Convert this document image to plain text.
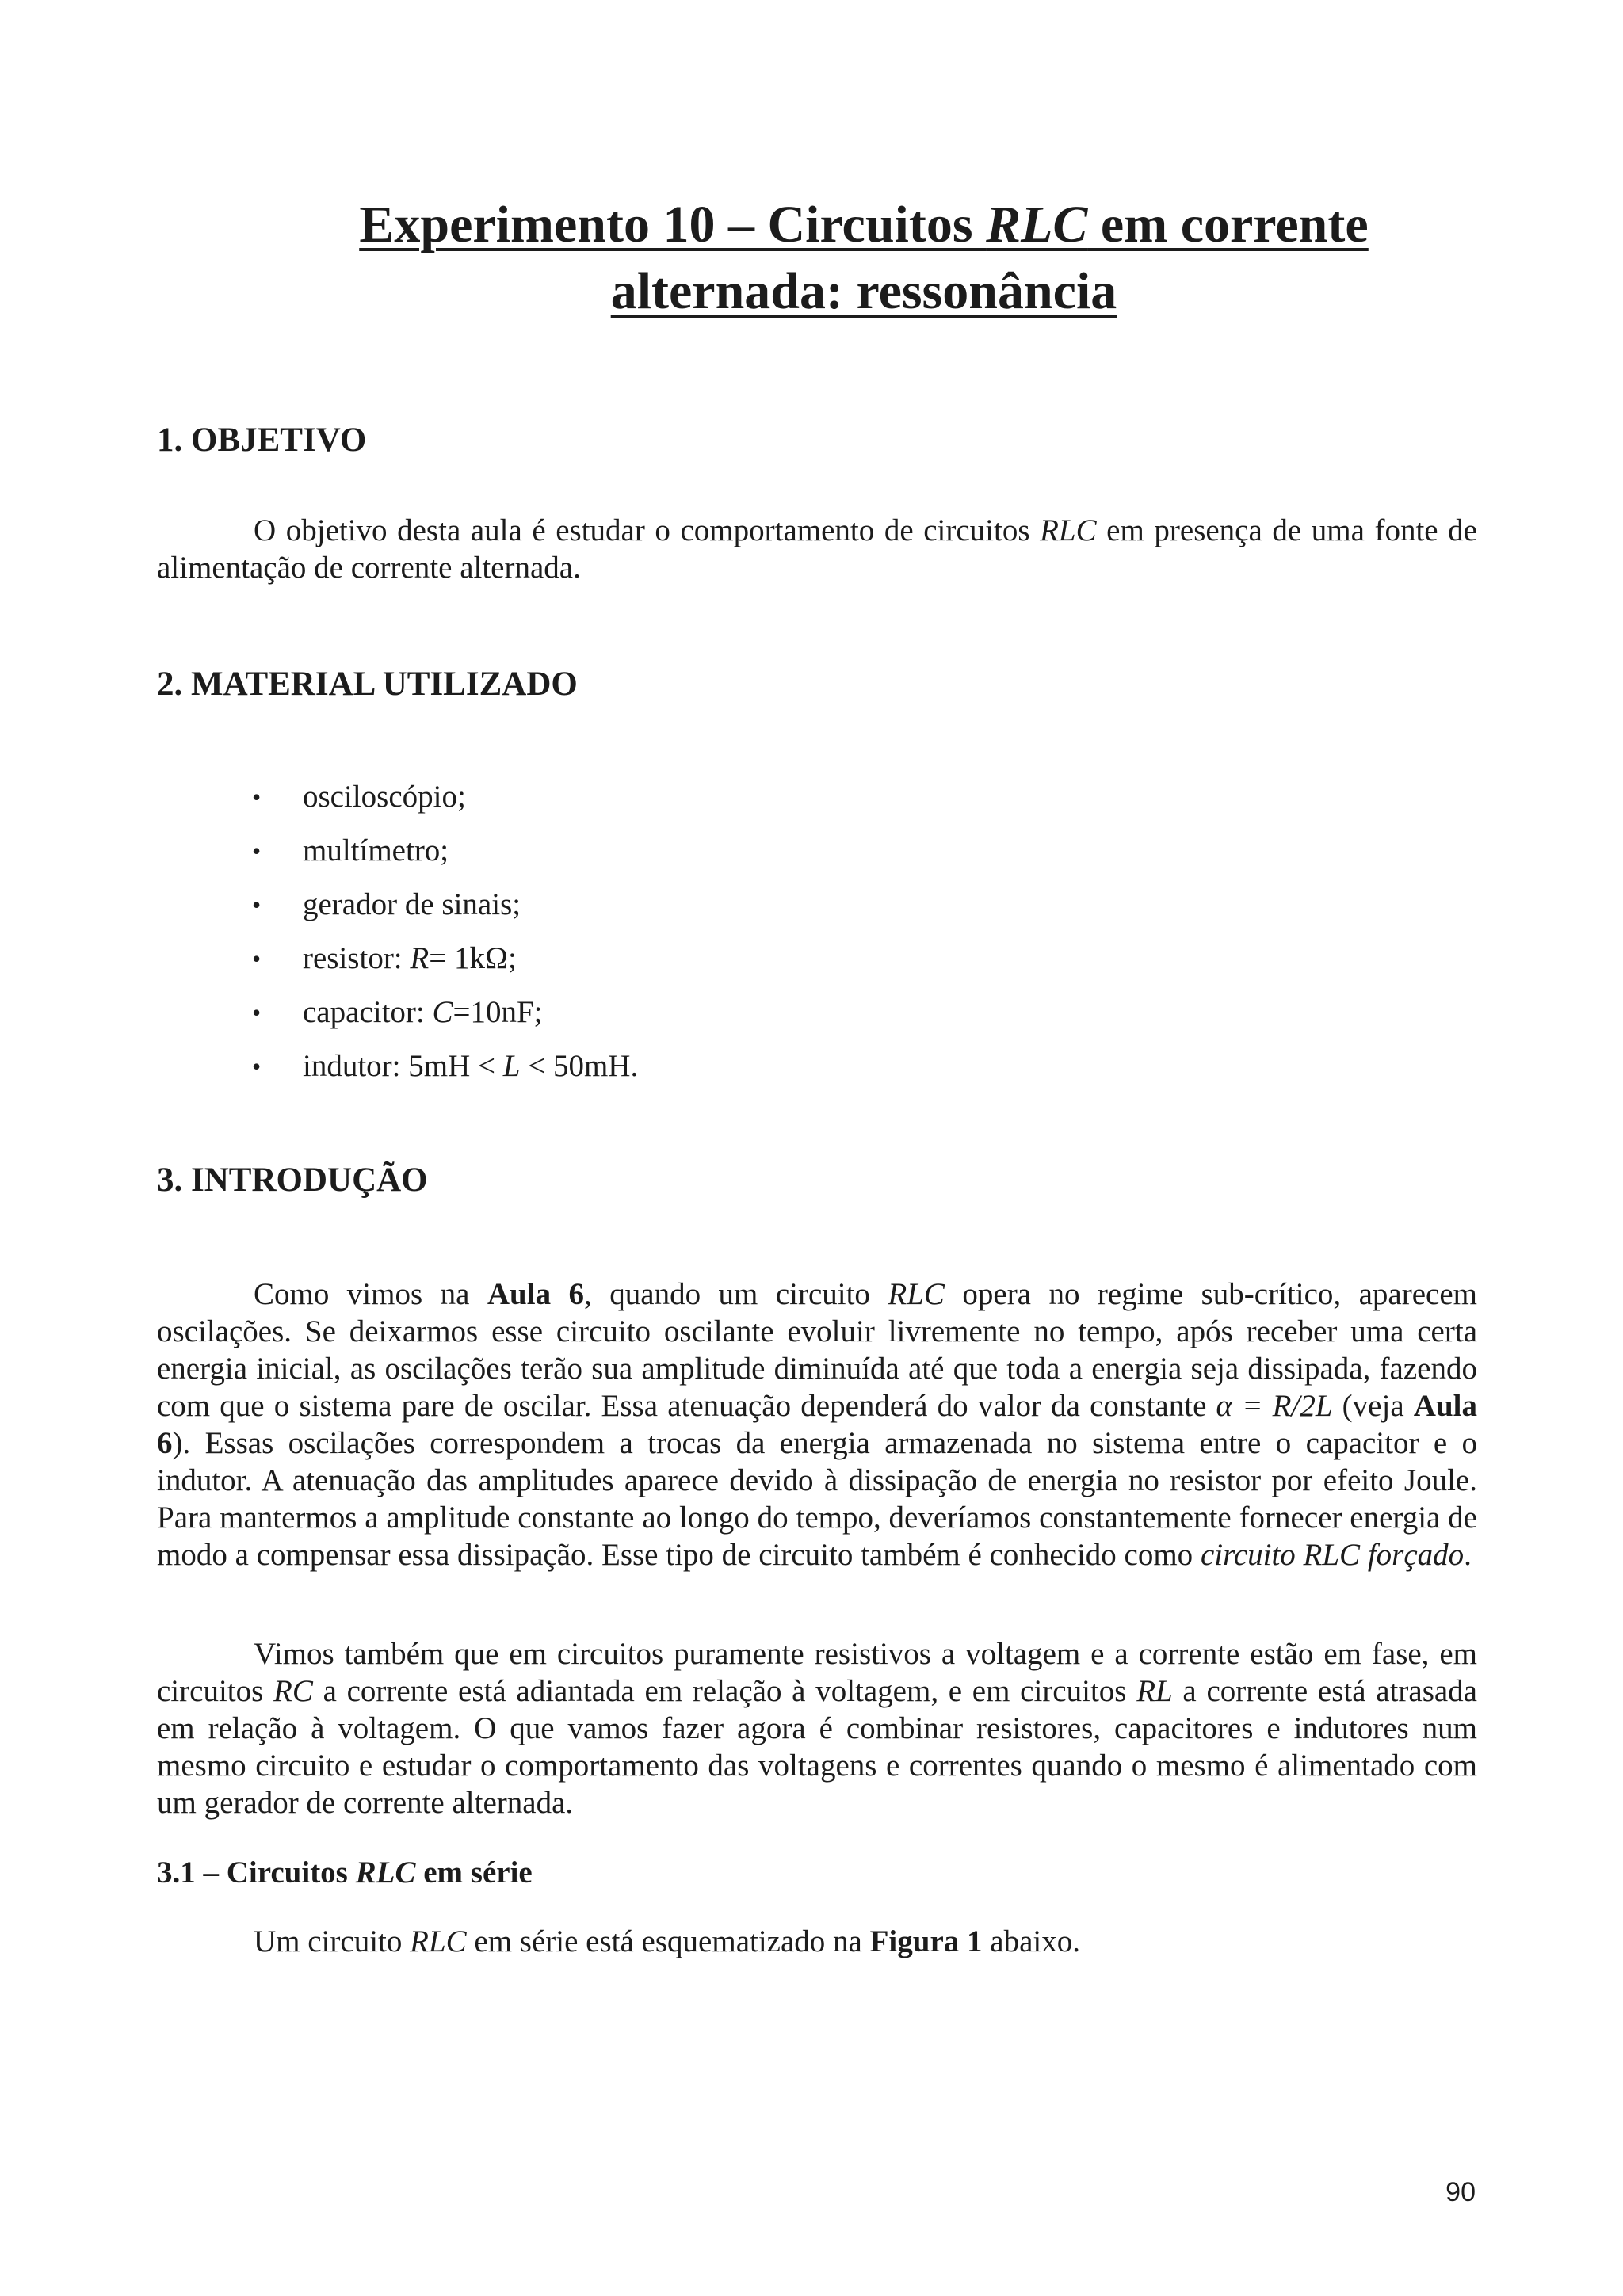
Experimento 10 – Circuitos RLC em corrente
alternada: ressonância
1. OBJETIVO

O objetivo desta aula é estudar o comportamento de circuitos RLC em presença de uma fonte de alimentação de corrente alternada.

2. MATERIAL UTILIZADO
• osciloscópio;
• multímetro;
• gerador de sinais;
• resistor: R= 1kΩ;
• capacitor: C=10nF;
• indutor: 5mH < L < 50mH.
3. INTRODUÇÃO

Como vimos na Aula 6, quando um circuito RLC opera no regime sub-crítico, aparecem oscilações. Se deixarmos esse circuito oscilante evoluir livremente no tempo, após receber uma certa energia inicial, as oscilações terão sua amplitude diminuída até que toda a energia seja dissipada, fazendo com que o sistema pare de oscilar. Essa atenuação dependerá do valor da constante α = R/2L (veja Aula 6). Essas oscilações correspondem a trocas da energia armazenada no sistema entre o capacitor e o indutor. A atenuação das amplitudes aparece devido à dissipação de energia no resistor por efeito Joule. Para mantermos a amplitude constante ao longo do tempo, deveríamos constantemente fornecer energia de modo a compensar essa dissipação. Esse tipo de circuito também é conhecido como circuito RLC forçado.

Vimos também que em circuitos puramente resistivos a voltagem e a corrente estão em fase, em circuitos RC a corrente está adiantada em relação à voltagem, e em circuitos RL a corrente está atrasada em relação à voltagem. O que vamos fazer agora é combinar resistores, capacitores e indutores num mesmo circuito e estudar o comportamento das voltagens e correntes quando o mesmo é alimentado com um gerador de corrente alternada.

3.1 – Circuitos RLC em série

Um circuito RLC em série está esquematizado na Figura 1 abaixo.

90
